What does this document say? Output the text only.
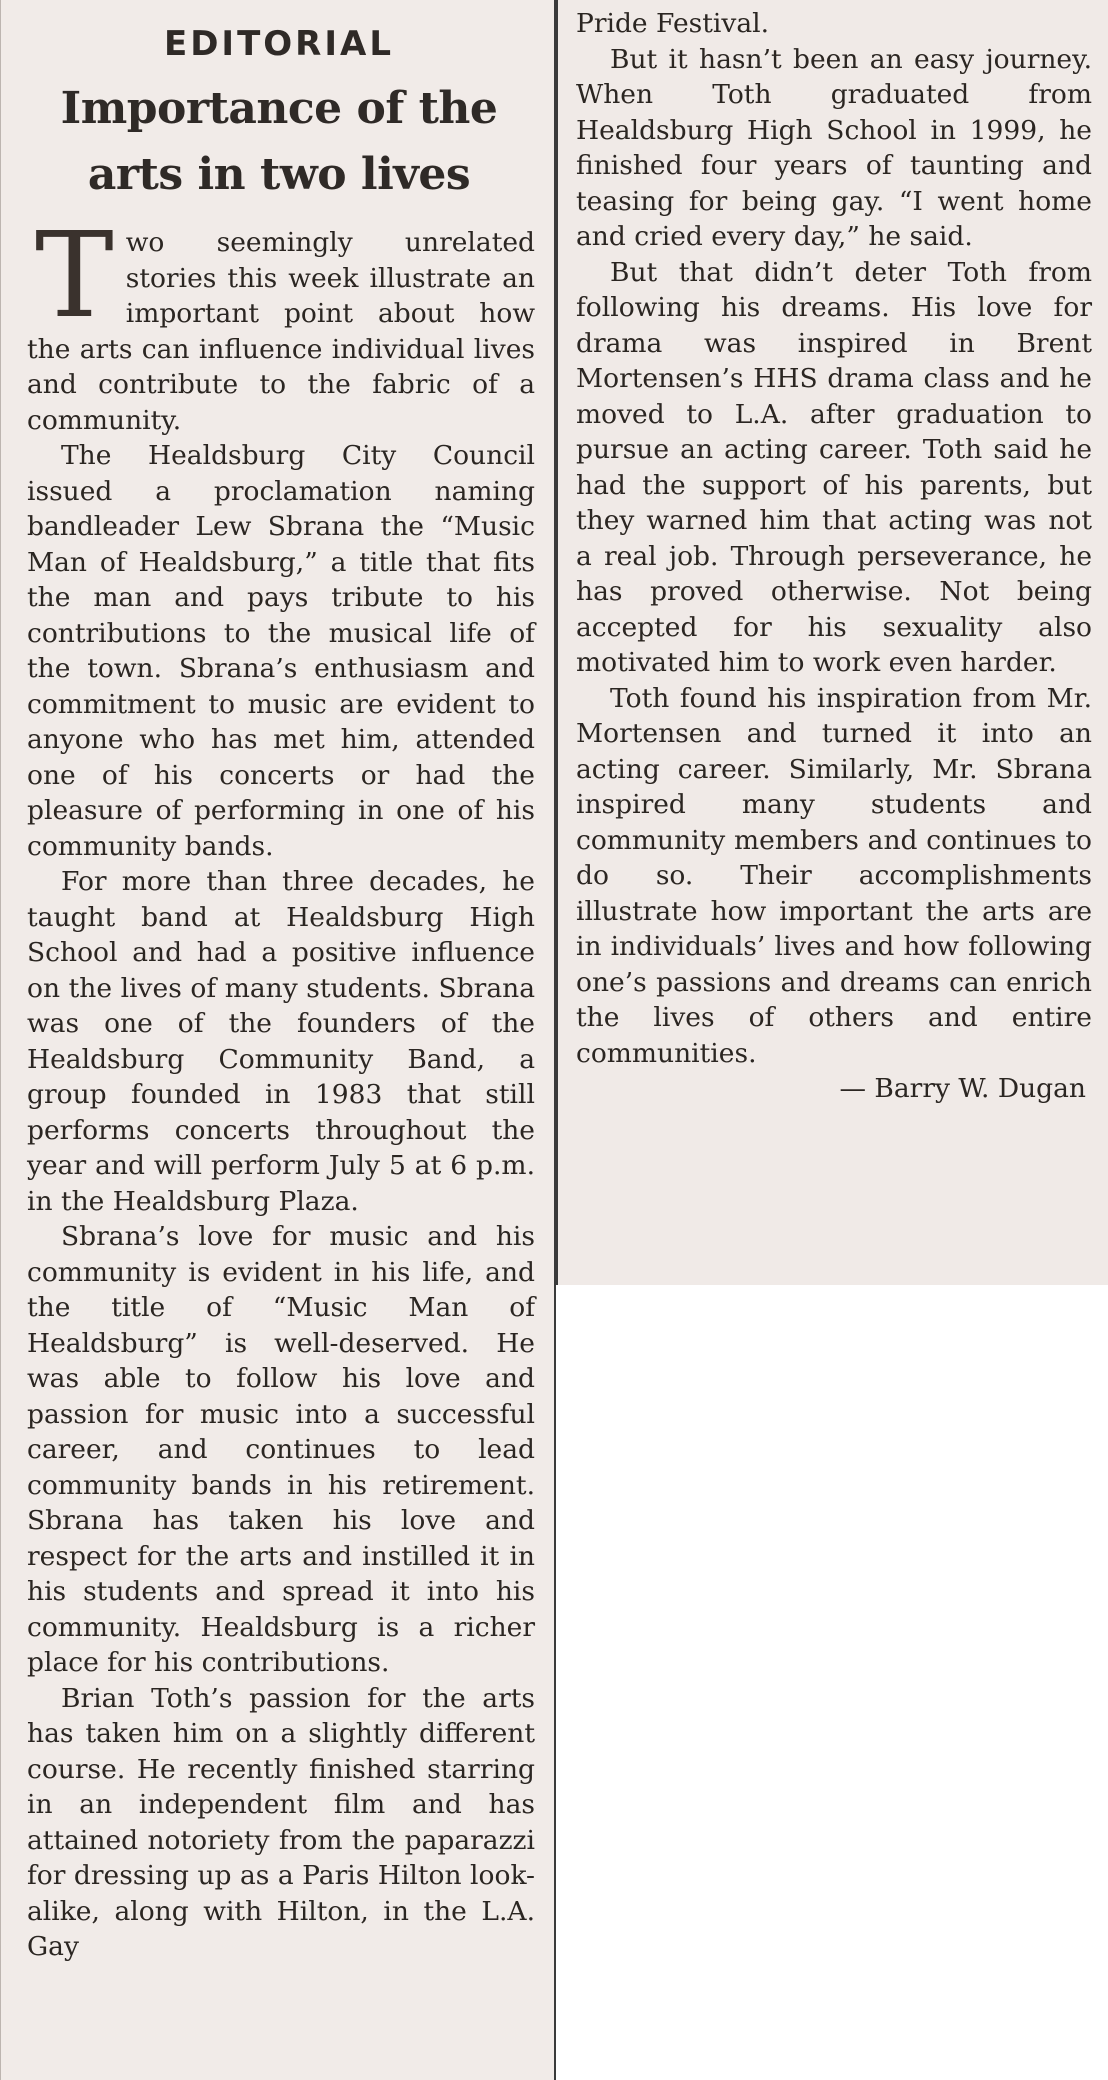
EDITORIAL
Importance of the arts in two lives

Two seemingly unrelated stories this week illustrate an important point about how the arts can influence individual lives and contribute to the fabric of a community.

The Healdsburg City Council issued a proclamation naming bandleader Lew Sbrana the “Music Man of Healdsburg,” a title that fits the man and pays tribute to his contributions to the musical life of the town. Sbrana’s enthusiasm and commitment to music are evident to anyone who has met him, attended one of his concerts or had the pleasure of performing in one of his community bands.

For more than three decades, he taught band at Healdsburg High School and had a positive influence on the lives of many students. Sbrana was one of the founders of the Healdsburg Community Band, a group founded in 1983 that still performs concerts throughout the year and will perform July 5 at 6 p.m. in the Healdsburg Plaza.

Sbrana’s love for music and his community is evident in his life, and the title of “Music Man of Healdsburg” is well-deserved. He was able to follow his love and passion for music into a successful career, and continues to lead community bands in his retirement. Sbrana has taken his love and respect for the arts and instilled it in his students and spread it into his community. Healdsburg is a richer place for his contributions.

Brian Toth’s passion for the arts has taken him on a slightly different course. He recently finished starring in an independent film and has attained notoriety from the paparazzi for dressing up as a Paris Hilton look-alike, along with Hilton, in the L.A. Gay

Pride Festival.

But it hasn’t been an easy journey. When Toth graduated from Healdsburg High School in 1999, he finished four years of taunting and teasing for being gay. “I went home and cried every day,” he said.

But that didn’t deter Toth from following his dreams. His love for drama was inspired in Brent Mortensen’s HHS drama class and he moved to L.A. after graduation to pursue an acting career. Toth said he had the support of his parents, but they warned him that acting was not a real job. Through perseverance, he has proved otherwise. Not being accepted for his sexuality also motivated him to work even harder.

Toth found his inspiration from Mr. Mortensen and turned it into an acting career. Similarly, Mr. Sbrana inspired many students and community members and continues to do so. Their accomplishments illustrate how important the arts are in individuals’ lives and how following one’s passions and dreams can enrich the lives of others and entire communities.

— Barry W. Dugan
